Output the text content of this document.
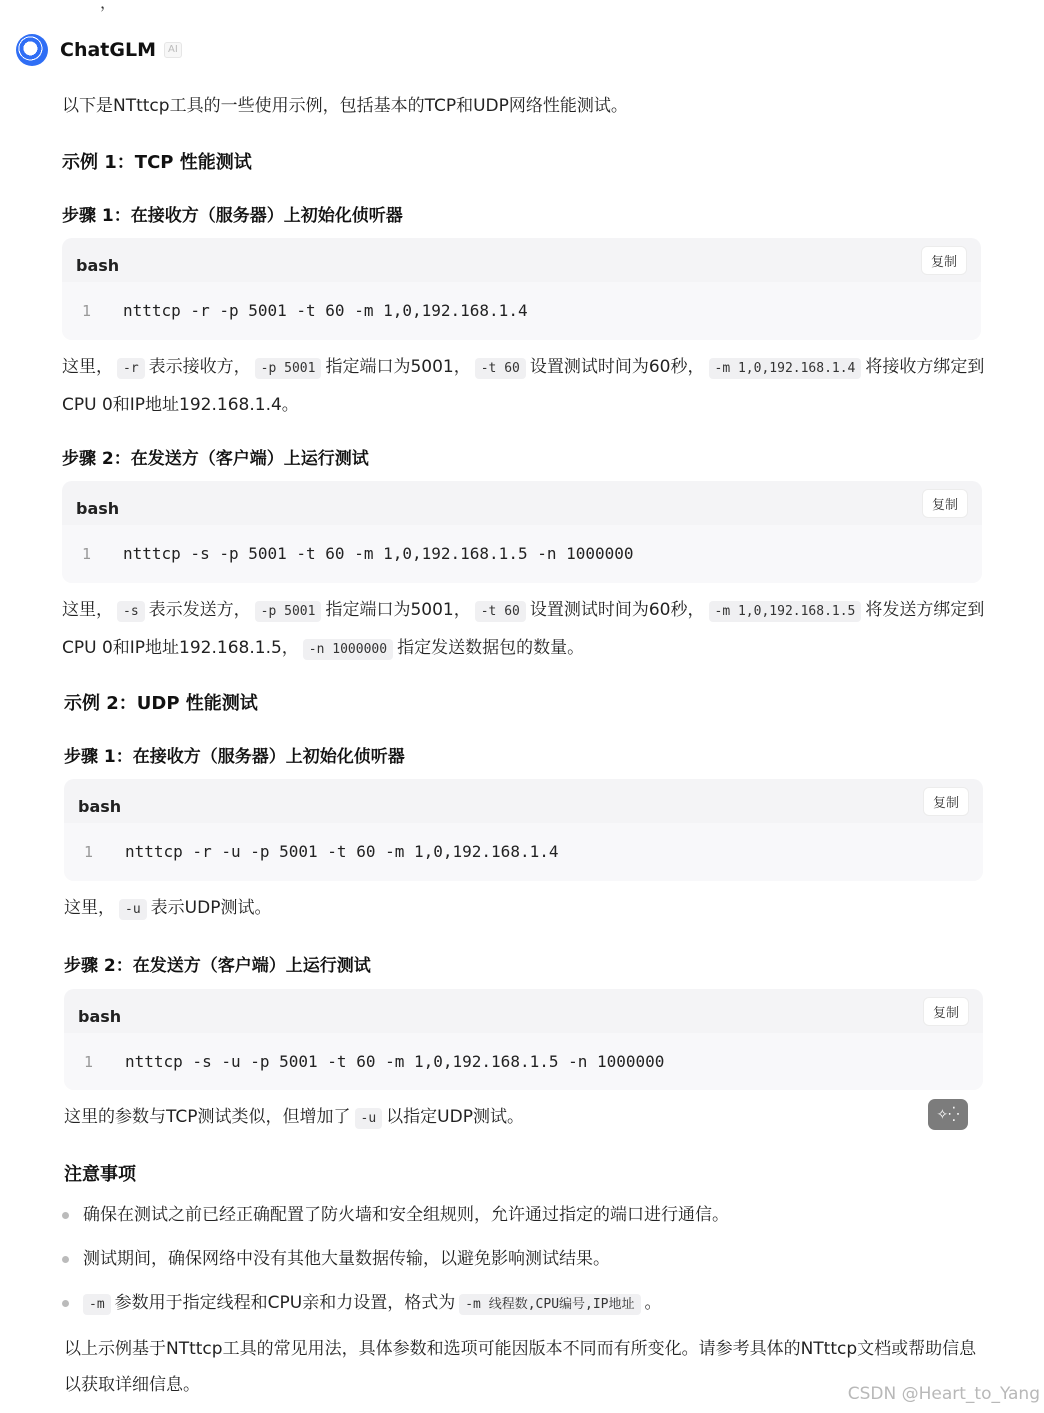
，
ChatGLM	AI

以下是NTttcp工具的一些使用示例，包括基本的TCP和UDP网络性能测试。

示例 1：TCP 性能测试
步骤 1：在接收方（服务器）上初始化侦听器
bash	复制
1 ntttcp -r -p 5001 -t 60 -m 1,0,192.168.1.4

这里， -r 表示接收方， -p 5001 指定端口为5001， -t 60 设置测试时间为60秒， -m 1,0,192.168.1.4 将接收方绑定到CPU 0和IP地址192.168.1.4。

步骤 2：在发送方（客户端）上运行测试
bash	复制
1 ntttcp -s -p 5001 -t 60 -m 1,0,192.168.1.5 -n 1000000

这里， -s 表示发送方， -p 5001 指定端口为5001， -t 60 设置测试时间为60秒， -m 1,0,192.168.1.5 将发送方绑定到CPU 0和IP地址192.168.1.5， -n 1000000 指定发送数据包的数量。

示例 2：UDP 性能测试
步骤 1：在接收方（服务器）上初始化侦听器
bash	复制
1 ntttcp -r -u -p 5001 -t 60 -m 1,0,192.168.1.4

这里， -u 表示UDP测试。

步骤 2：在发送方（客户端）上运行测试
bash	复制
1 ntttcp -s -u -p 5001 -t 60 -m 1,0,192.168.1.5 -n 1000000

这里的参数与TCP测试类似，但增加了 -u 以指定UDP测试。	✧⁛
注意事项

确保在测试之前已经正确配置了防火墙和安全组规则，允许通过指定的端口进行通信。

测试期间，确保网络中没有其他大量数据传输，以避免影响测试结果。

-m 参数用于指定线程和CPU亲和力设置，格式为 -m 线程数,CPU编号,IP地址 。

以上示例基于NTttcp工具的常见用法，具体参数和选项可能因版本不同而有所变化。请参考具体的NTttcp文档或帮助信息以获取详细信息。	CSDN @Heart_to_Yang
